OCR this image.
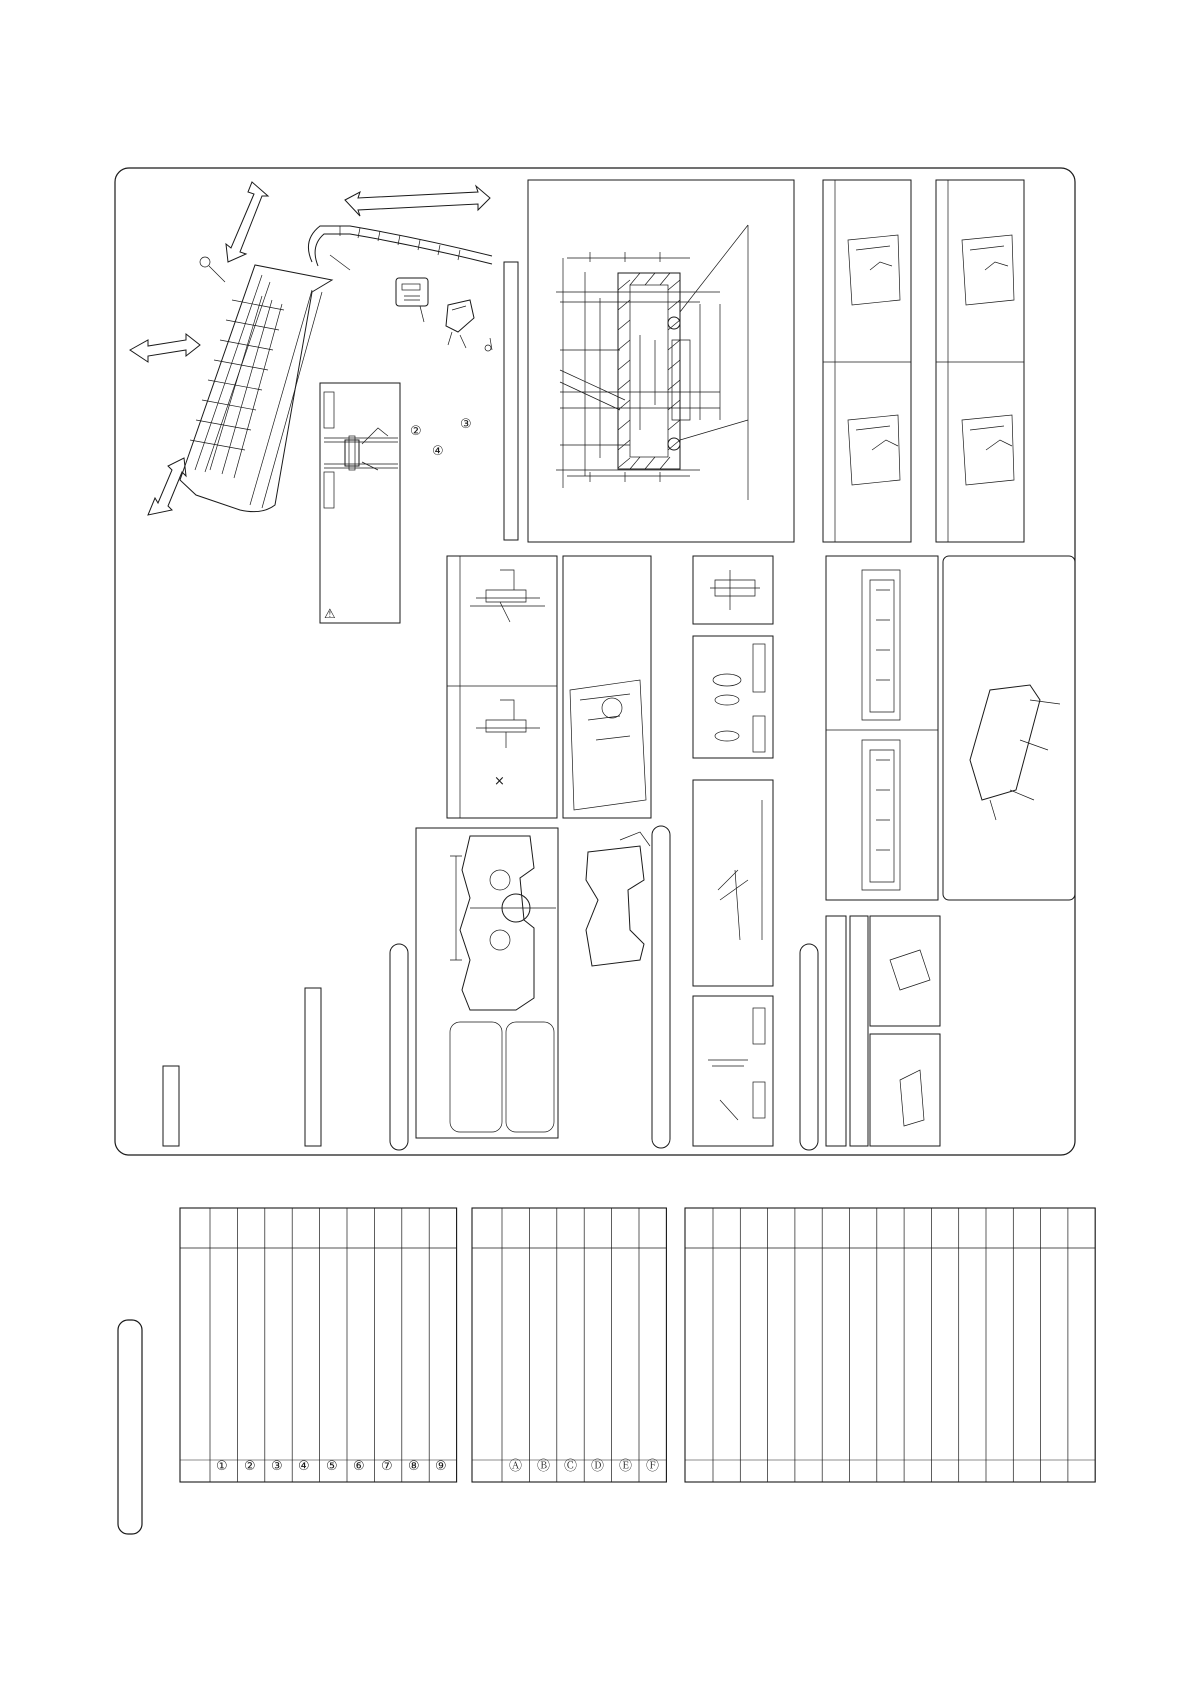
②	③
④
⚠
×
① ② ③ ④ ⑤ ⑥ ⑦ ⑧ ⑨	Ⓐ Ⓑ Ⓒ Ⓓ Ⓔ Ⓕ
